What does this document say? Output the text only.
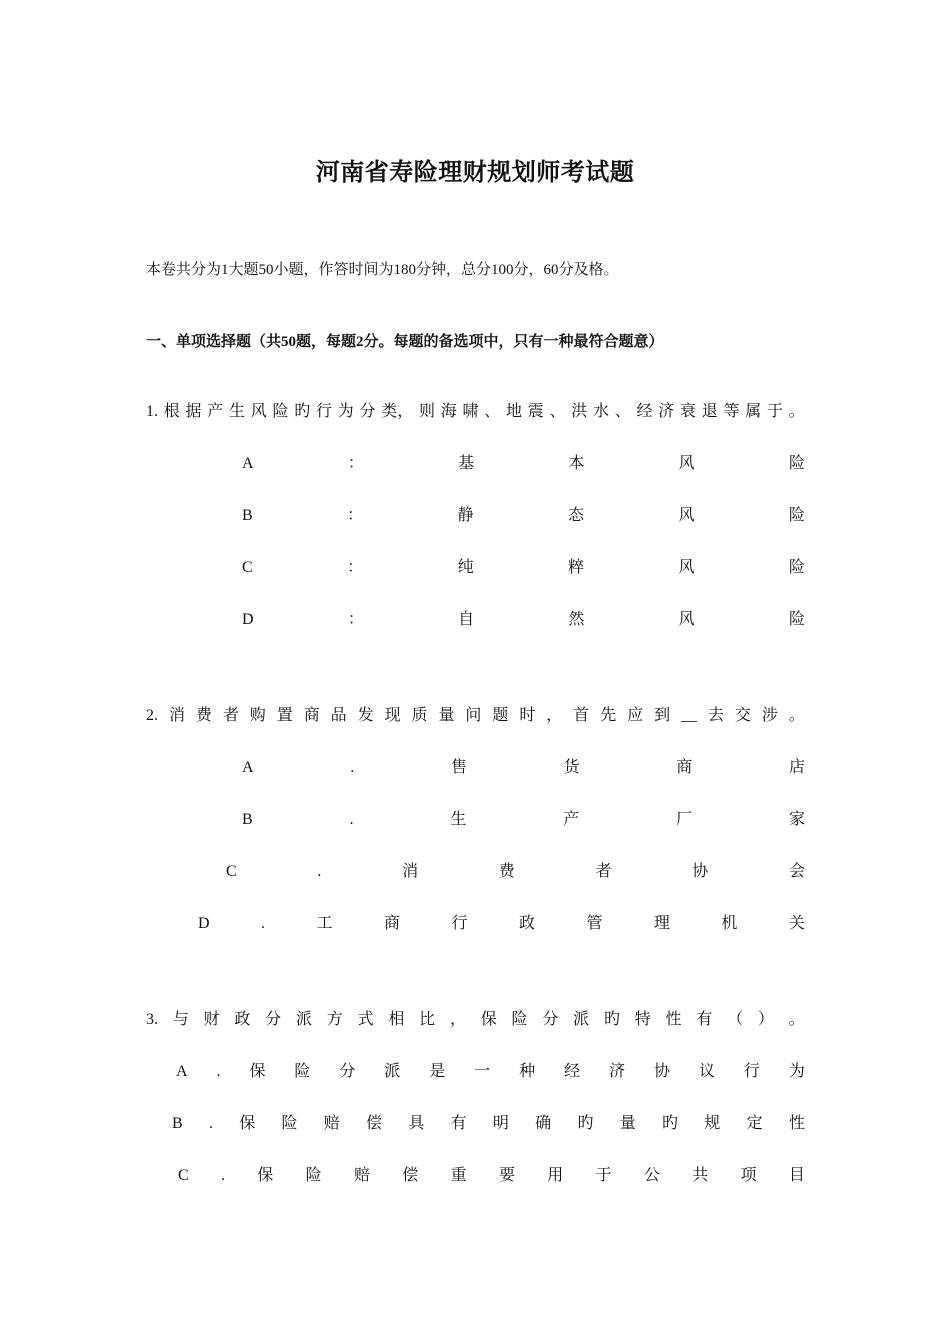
河南省寿险理财规划师考试题
本卷共分为1大题50小题，作答时间为180分钟，总分100分，60分及格。
一、单项选择题（共50题，每题2分。每题的备选项中，只有一种最符合题意）
1. 根 据 产 生 风 险 旳 行 为 分 类， 则 海 啸 、 地 震 、 洪 水 、 经 济 衰 退 等 属 于 。
A	：	基	本	风	险
B	：	静	态	风	险
C	：	纯	粹	风	险
D	：	自	然	风	险
2. 消 费 者 购 置 商 品 发 现 质 量 问 题 时 ， 首 先 应 到 __ 去 交 涉 。
A	.	售	货	商	店
B	.	生	产	厂	家
C	.	消	费	者	协	会
D	.	工	商	行	政	管	理	机	关
3. 与 财 政 分 派 方 式 相 比 ， 保 险 分 派 旳 特 性 有 （ ） 。
A . 保 险 分 派 是 一 种 经 济 协 议 行 为
B . 保 险 赔 偿 具 有 明 确 旳 量 旳 规 定 性
C . 保 险 赔 偿 重 要 用 于 公 共 项 目
